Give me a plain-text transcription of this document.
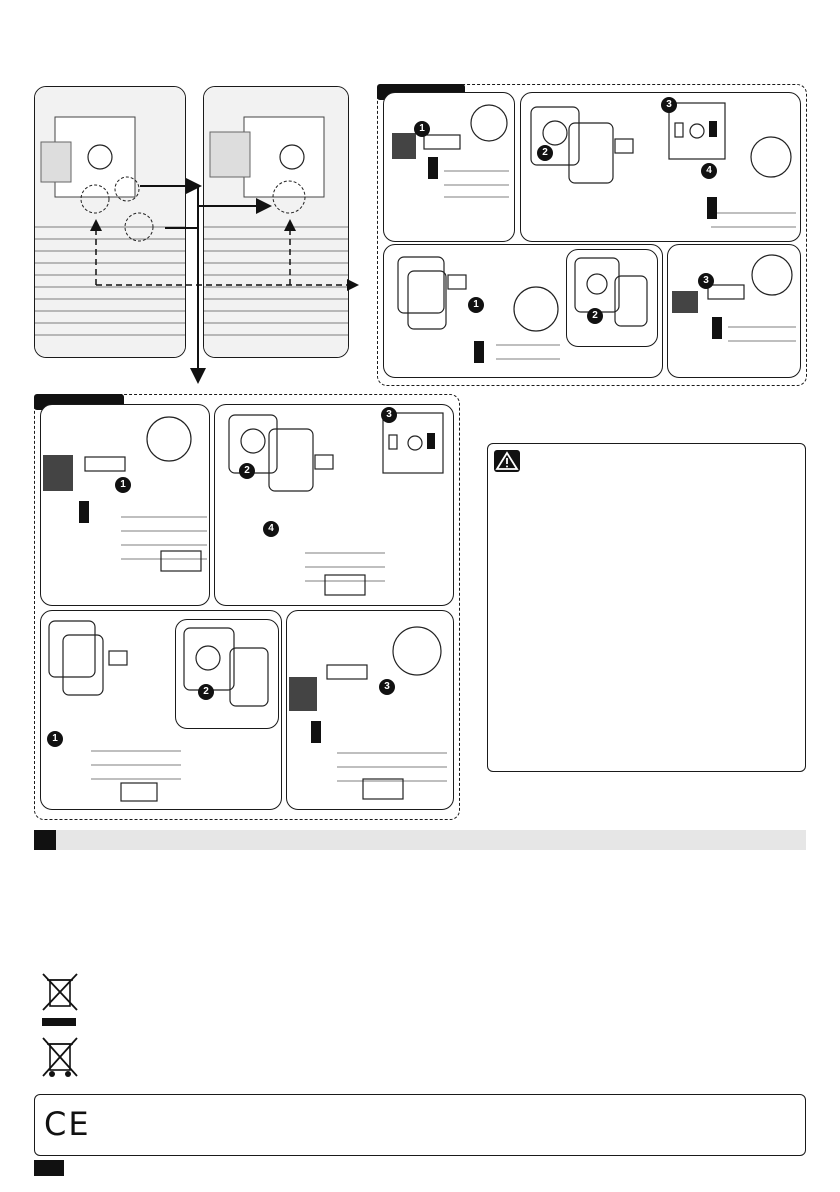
1
2
3
4
1
2
3
1
2
3
4
1
2	3
CE
